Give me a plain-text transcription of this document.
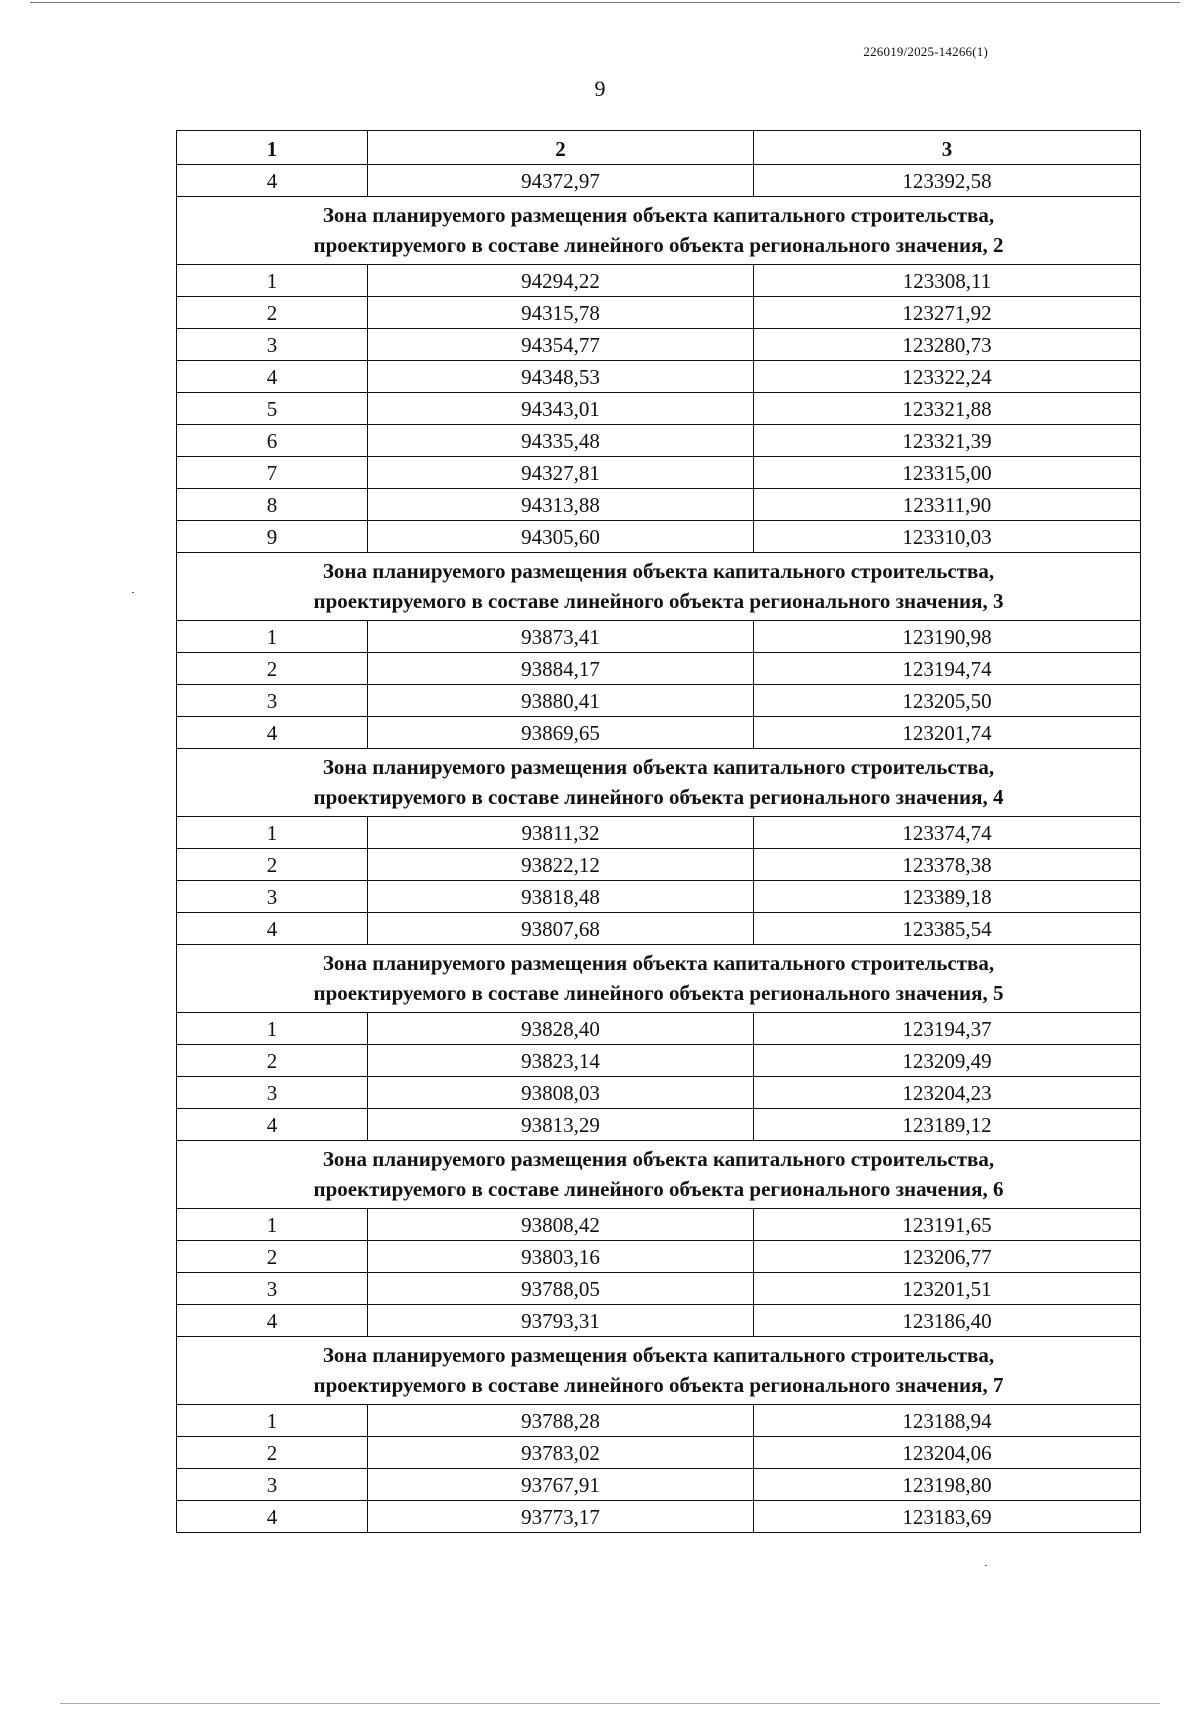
226019/2025-14266(1)
9
1	2	3
4	94372,97	123392,58

Зона планируемого размещения объекта капитального строительства,
проектируемого в составе линейного объекта регионального значения, 2		

1	94294,22	123308,11
2	94315,78	123271,92
3	94354,77	123280,73
4	94348,53	123322,24
5	94343,01	123321,88
6	94335,48	123321,39
7	94327,81	123315,00
8	94313,88	123311,90
9	94305,60	123310,03

Зона планируемого размещения объекта капитального строительства,
проектируемого в составе линейного объекта регионального значения, 3		

1	93873,41	123190,98
2	93884,17	123194,74
3	93880,41	123205,50
4	93869,65	123201,74

Зона планируемого размещения объекта капитального строительства,
проектируемого в составе линейного объекта регионального значения, 4		

1	93811,32	123374,74
2	93822,12	123378,38
3	93818,48	123389,18
4	93807,68	123385,54

Зона планируемого размещения объекта капитального строительства,
проектируемого в составе линейного объекта регионального значения, 5		

1	93828,40	123194,37
2	93823,14	123209,49
3	93808,03	123204,23
4	93813,29	123189,12

Зона планируемого размещения объекта капитального строительства,
проектируемого в составе линейного объекта регионального значения, 6		

1	93808,42	123191,65
2	93803,16	123206,77
3	93788,05	123201,51
4	93793,31	123186,40

Зона планируемого размещения объекта капитального строительства,
проектируемого в составе линейного объекта регионального значения, 7		

1	93788,28	123188,94
2	93783,02	123204,06
3	93767,91	123198,80
4	93773,17	123183,69
